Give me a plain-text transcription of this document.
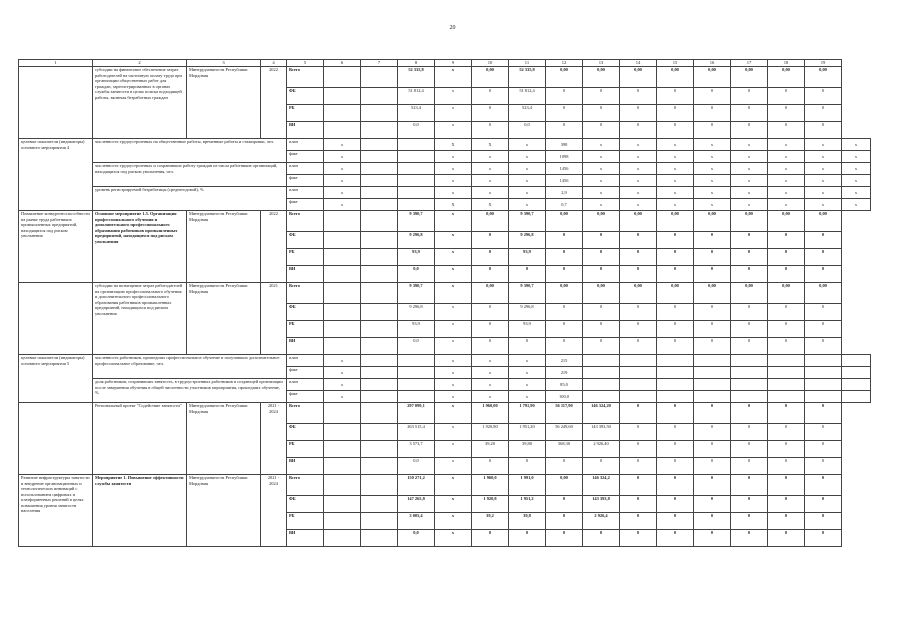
20
1	2	3	4	5	6	7	8	9	10	11	12	13	14	15	16	17	18	19	
	субсидии на финансовое обеспечение затрат работодателей на частичную оплату труда при организации общественных работ для граждан, зарегистрированных в органах службы занятости в целях поиска подходящей работы, включая безработных граждан	Минтрудзанятости Республики Мордовия	2022	Всего			52 335,8	х	0,00	52 335,8	0,00	0,00	0,00	0,00	0,00	0,00	0,00	0,00	
				ФБ			51 812,4	х	0	51 812,4	0	0	0	0	0	0	0	0	
				РБ			523,4	х	0	523,4	0	0	0	0	0	0	0	0	
				ВИ			0,0	х	0	0,0	0	0	0	0	0	0	0	0	
целевые показатели (индикаторы) основного мероприятия 4	численность трудоустроенных на общественные работы, временные работы и стажировки, чел.			план	х			Х	Х	х	398	х	х	х	х	х	х	х	х
				факт	х			х	х	х	1098	х	х	х	х	х	х	х	х
	численность трудоустроенных и сохранивших работу граждан из числа работников организаций, находящихся под риском увольнения, чел.			план	х			х	х	х	1456	х	х	х	х	х	х	х	х
				факт	х			х	х	х	1456	х	х	х	х	х	х	х	х
	уровень регистрируемой безработицы (среднегодовой), %			план	х			х	х	х	2,9	х	х	х	х	х	х	х	х
				факт	х			Х	Х	х	0,7	х	х	х	х	х	х	х	х
Повышение конкурентоспособности на рынке труда работников промышленных предприятий, находящихся под риском увольнения	Основное мероприятие 1.5. Организация профессионального обучения и дополнительного профессионального образования работников промышленных предприятий, находящихся под риском увольнения	Минтрудзанятости Республики Мордовия	2022	Всего			9 390,7	х	0,00	9 390,7	0,00	0,00	0,00	0,00	0,00	0,00	0,00	0,00	
				ФБ			9 296,8	х	0	9 296,8	0	0	0	0	0	0	0	0	
				РБ			93,9	х	0	93,9	0	0	0	0	0	0	0	0	
				ВИ			0,0	х	0	0	0	0	0	0	0	0	0	0	
	субсидии на возмещение затрат работодателей на организацию профессионального обучения и дополнительного профессионального образования работников промышленных предприятий, находящихся под риском увольнения	Минтрудзанятости Республики Мордовия	2021	Всего			9 390,7	х	0,00	9 390,7	0,00	0,00	0,00	0,00	0,00	0,00	0,00	0,00	
				ФБ			9 296,8	х	0	9 296,8	0	0	0	0	0	0	0	0	
				РБ			93,9	х	0	93,9	0	0	0	0	0	0	0	0	
				ВИ			0,0	х	0	0	0	0	0	0	0	0	0	0	
целевые показатели (индикаторы) основного мероприятия 5	численность работников, прошедших профессиональное обучение и получивших дополнительное профессиональное образование, чел.			план	х			х	х	х	215								
				факт	х			х	х	х	219								
	доля работников, сохранивших занятость, в трудоустроенных работников в создающей организации после завершения обучения в общей численности участников мероприятия, прошедших обучение, %			план	х			х	х	х	85,0								
				факт	х			х	х	х	100,0								
	Региональный проект "Содействие занятости"	Минтрудзанятости Республики Мордовия	2021 - 2024	Всего			297 099,1	х	1 960,00	1 791,90	56 117,90	146 324,20	0	0	0	0	0	0	
				ФБ			263 515,4	х	1 920,80	1 951,20	56 249,60	143 393,50	0	0	0	0	0	0	
				РБ			3 573,7	х	39,20	39,80	568,30	2 926,40	0	0	0	0	0	0	
				ВИ			0,0	х	0	0	0	0	0	0	0	0	0	0	
Развитие инфраструктуры занятости и внедрение организационных и технологических инноваций с использованием цифровых и платформенных решений в целях повышения уровня занятости населения	Мероприятие 1. Повышение эффективности службы занятости	Минтрудзанятости Республики Мордовия	2021 - 2024	Всего			150 271,2	х	1 960,0	1 991,0	0,00	146 324,2	0	0	0	0	0	0	
				ФБ			147 265,8	х	1 920,8	1 951,2	0	143 393,8	0	0	0	0	0	0	
				РБ			3 005,4	х	39,2	39,8	0	2 926,4	0	0	0	0	0	0	
				ВИ			0,0	х	0	0	0	0	0	0	0	0	0	0	
